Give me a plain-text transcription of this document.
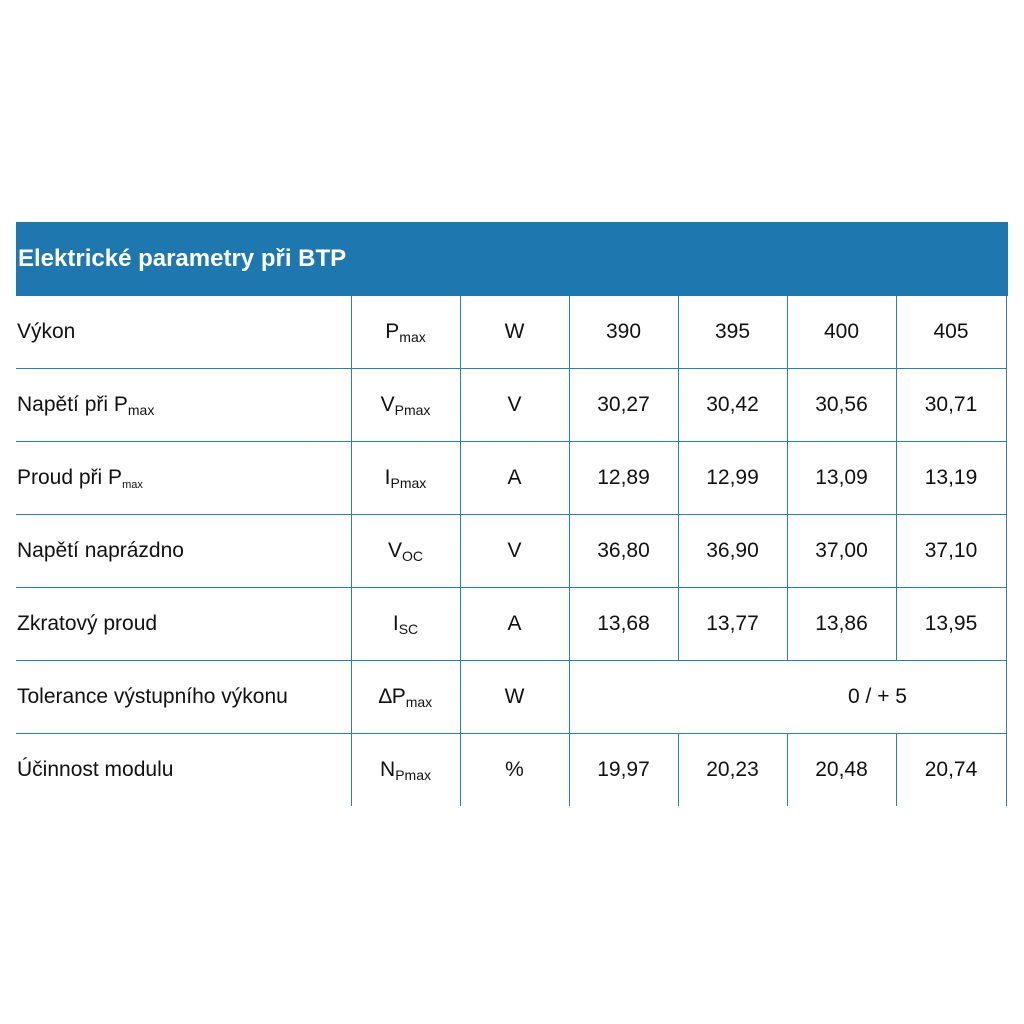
Elektrické parametry při BTP
Výkon	$P_{max}$	W	390	395	400	405
Napětí při $P_{max}$	$V_{Pmax}$	V	30,27	30,42	30,56	30,71
Proud při $P_{max}$	$I_{Pmax}$	A	12,89	12,99	13,09	13,19
Napětí naprázdno	$V_{OC}$	V	36,80	36,90	37,00	37,10
Zkratový proud	$I_{SC}$	A	13,68	13,77	13,86	13,95
Tolerance výstupního výkonu	$\Delta P_{max}$	W	0 / + 5			
Účinnost modulu	$N_{Pmax}$	%	19,97	20,23	20,48	20,74
